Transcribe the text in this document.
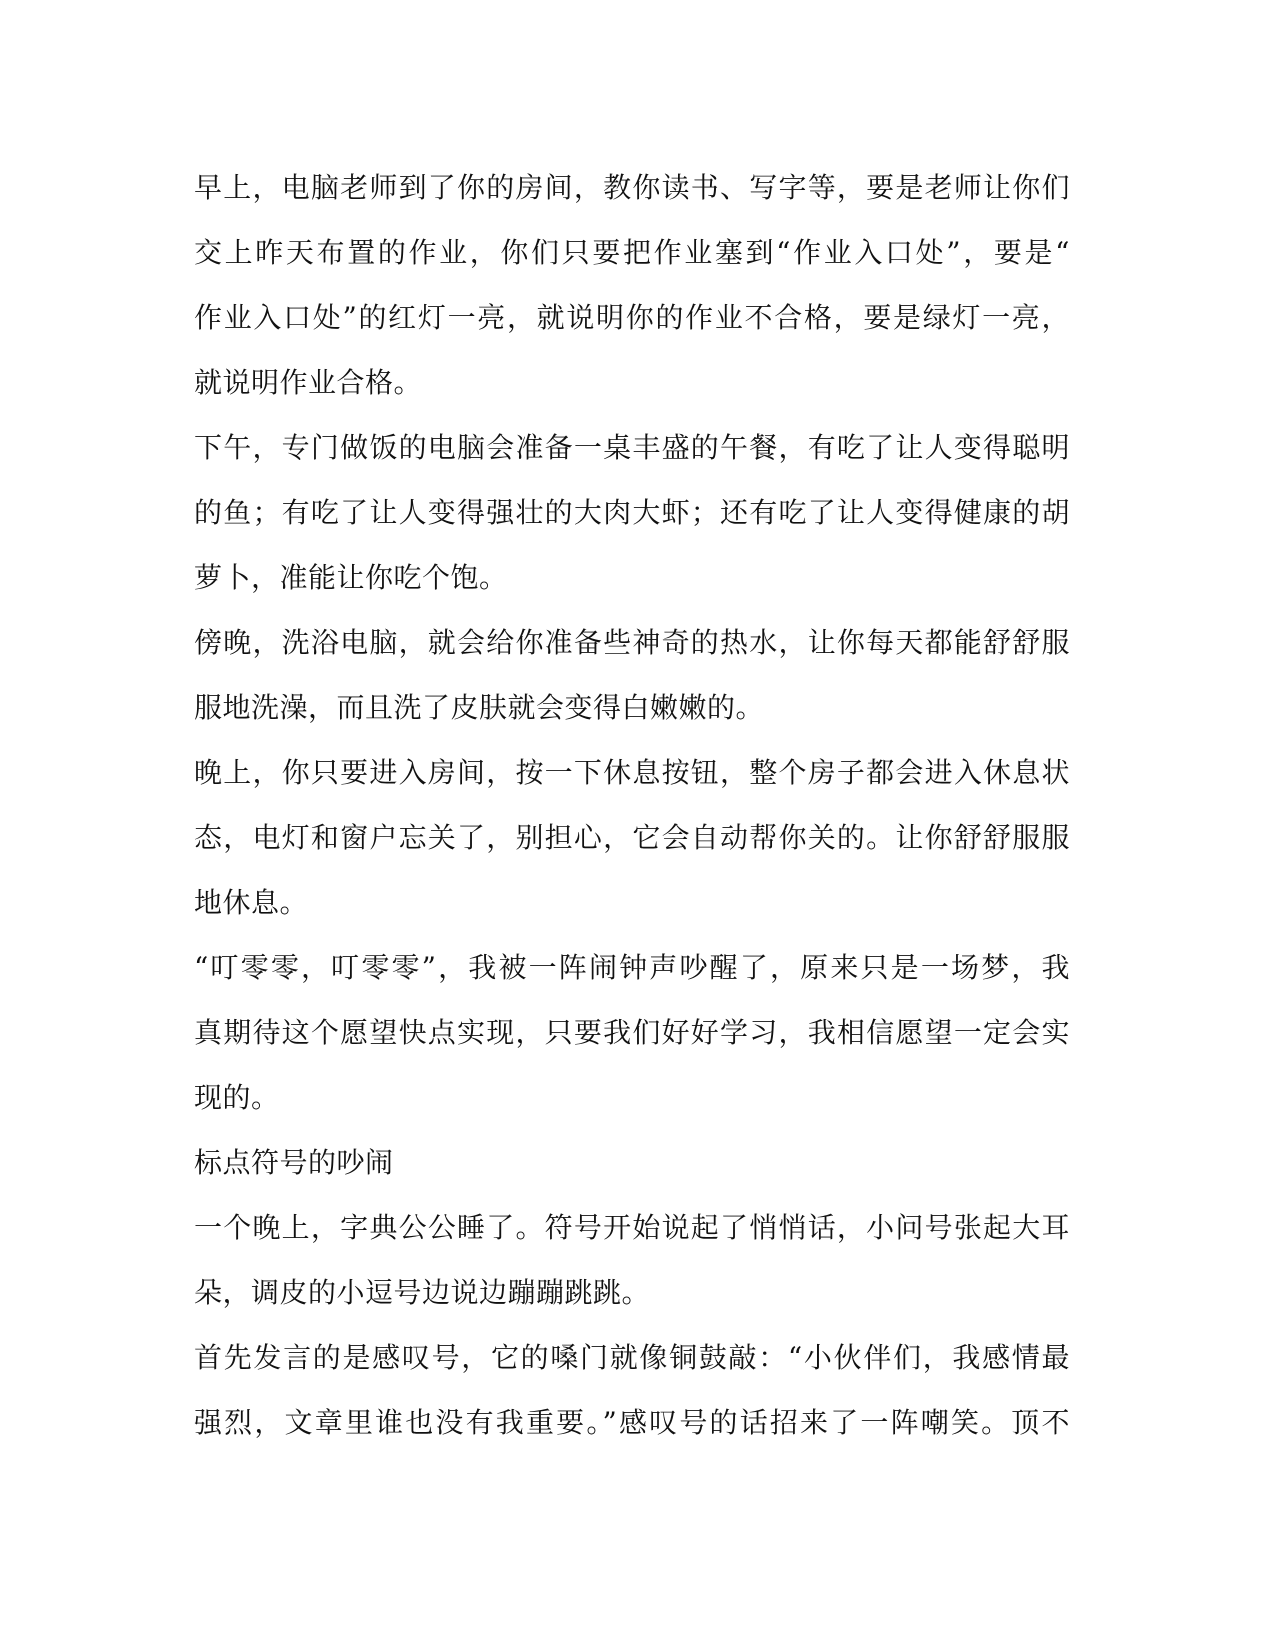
早上，电脑老师到了你的房间，教你读书、写字等，要是老师让你们
交上昨天布置的作业，你们只要把作业塞到“作业入口处”，要是“
作业入口处”的红灯一亮，就说明你的作业不合格，要是绿灯一亮，
就说明作业合格。
下午，专门做饭的电脑会准备一桌丰盛的午餐，有吃了让人变得聪明
的鱼；有吃了让人变得强壮的大肉大虾；还有吃了让人变得健康的胡
萝卜，准能让你吃个饱。
傍晚，洗浴电脑，就会给你准备些神奇的热水，让你每天都能舒舒服
服地洗澡，而且洗了皮肤就会变得白嫩嫩的。
晚上，你只要进入房间，按一下休息按钮，整个房子都会进入休息状
态，电灯和窗户忘关了，别担心，它会自动帮你关的。让你舒舒服服
地休息。
“叮零零，叮零零”，我被一阵闹钟声吵醒了，原来只是一场梦，我
真期待这个愿望快点实现，只要我们好好学习，我相信愿望一定会实
现的。
标点符号的吵闹
一个晚上，字典公公睡了。符号开始说起了悄悄话，小问号张起大耳
朵，调皮的小逗号边说边蹦蹦跳跳。
首先发言的是感叹号，它的嗓门就像铜鼓敲：“小伙伴们，我感情最
强烈，文章里谁也没有我重要。”感叹号的话招来了一阵嘲笑。顶不
